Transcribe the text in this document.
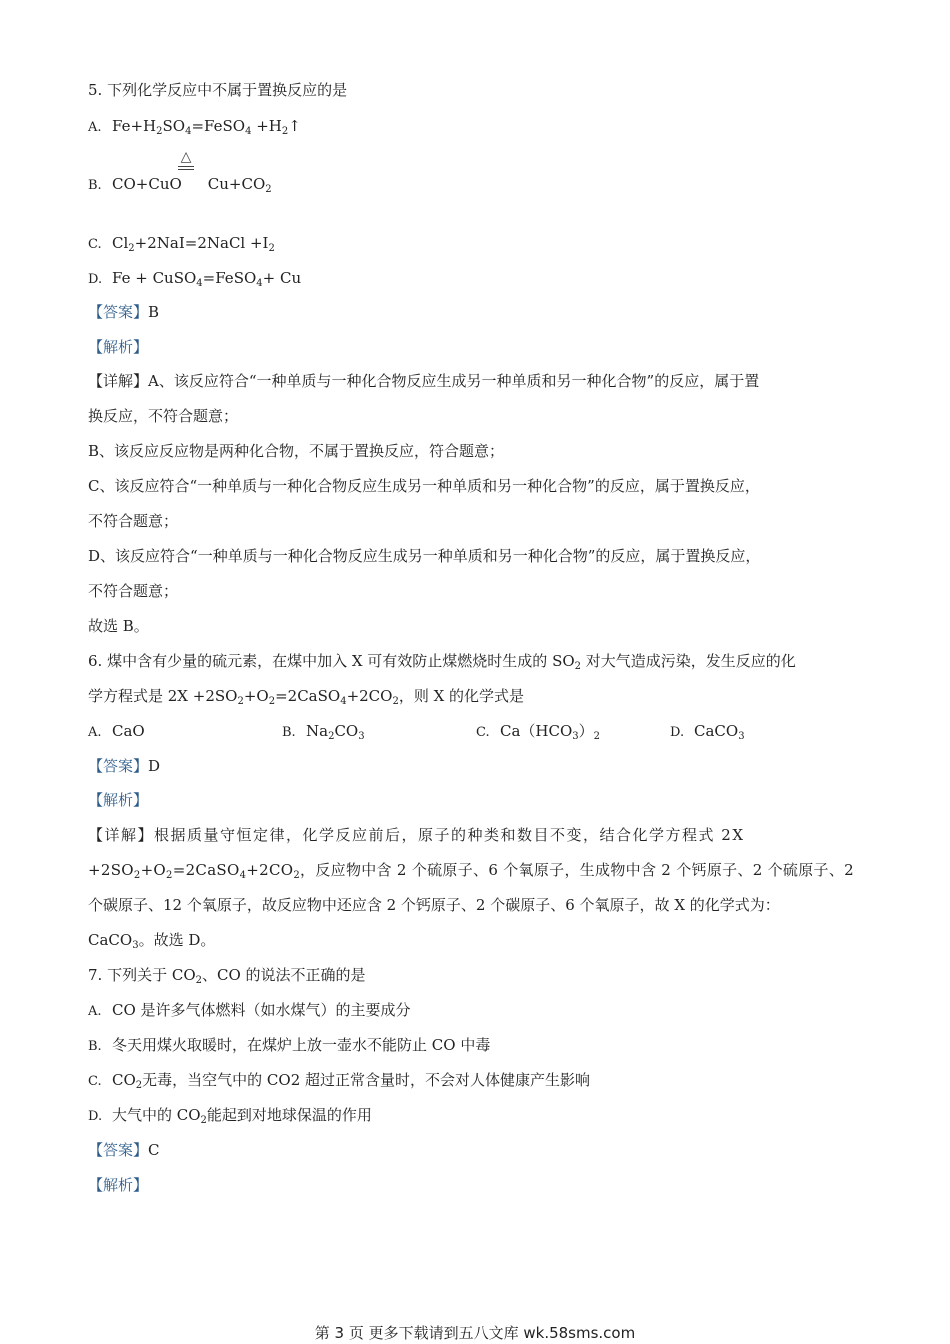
5. 下列化学反应中不属于置换反应的是
A. $Fe+H_2SO_4=FeSO_4$ $+H_2↑$
△
B. CO+CuO $Cu+CO_2$
C. $Cl_2+2NaI=2NaCl +I_2$
D. Fe + CuSO$_4$=FeSO$_4$+ Cu
【答案】B
【解析】
【详解】A、该反应符合“一种单质与一种化合物反应生成另一种单质和另一种化合物”的反应，属于置
换反应，不符合题意；
B、该反应反应物是两种化合物，不属于置换反应，符合题意；
C、该反应符合“一种单质与一种化合物反应生成另一种单质和另一种化合物”的反应，属于置换反应，
不符合题意；
D、该反应符合“一种单质与一种化合物反应生成另一种单质和另一种化合物”的反应，属于置换反应，
不符合题意；
故选 B。
6. 煤中含有少量的硫元素，在煤中加入 X 可有效防止煤燃烧时生成的 $SO_2$ 对大气造成污染，发生反应的化
学方程式是 $2X +2SO_2+O_2=2CaSO_4+2CO_2$，则 X 的化学式是
A. CaO	B. $Na_2CO_3$	C. $Ca(HCO_3)_2$	D. CaCO$_3$
【答案】D
【解析】
【详解】根据质量守恒定律，化学反应前后，原子的种类和数目不变，结合化学方程式 2X
$+2SO_2+O_2=2CaSO_4+2CO_2$，反应物中含 2 个硫原子、6 个氧原子，生成物中含 2 个钙原子、2 个硫原子、2
个碳原子、12 个氧原子，故反应物中还应含 2 个钙原子、2 个碳原子、6 个氧原子，故 X 的化学式为：
CaCO$_3$。故选 D。
7. 下列关于 $CO_2$、CO 的说法不正确的是
A. CO 是许多气体燃料（如水煤气）的主要成分
B. 冬天用煤火取暖时，在煤炉上放一壶水不能防止 CO 中毒
C. $CO_2$无毒，当空气中的 CO2 超过正常含量时，不会对人体健康产生影响
D. 大气中的 $CO_2$能起到对地球保温的作用
【答案】C
【解析】
第 3 页 更多下载请到五八文库 wk.58sms.com
